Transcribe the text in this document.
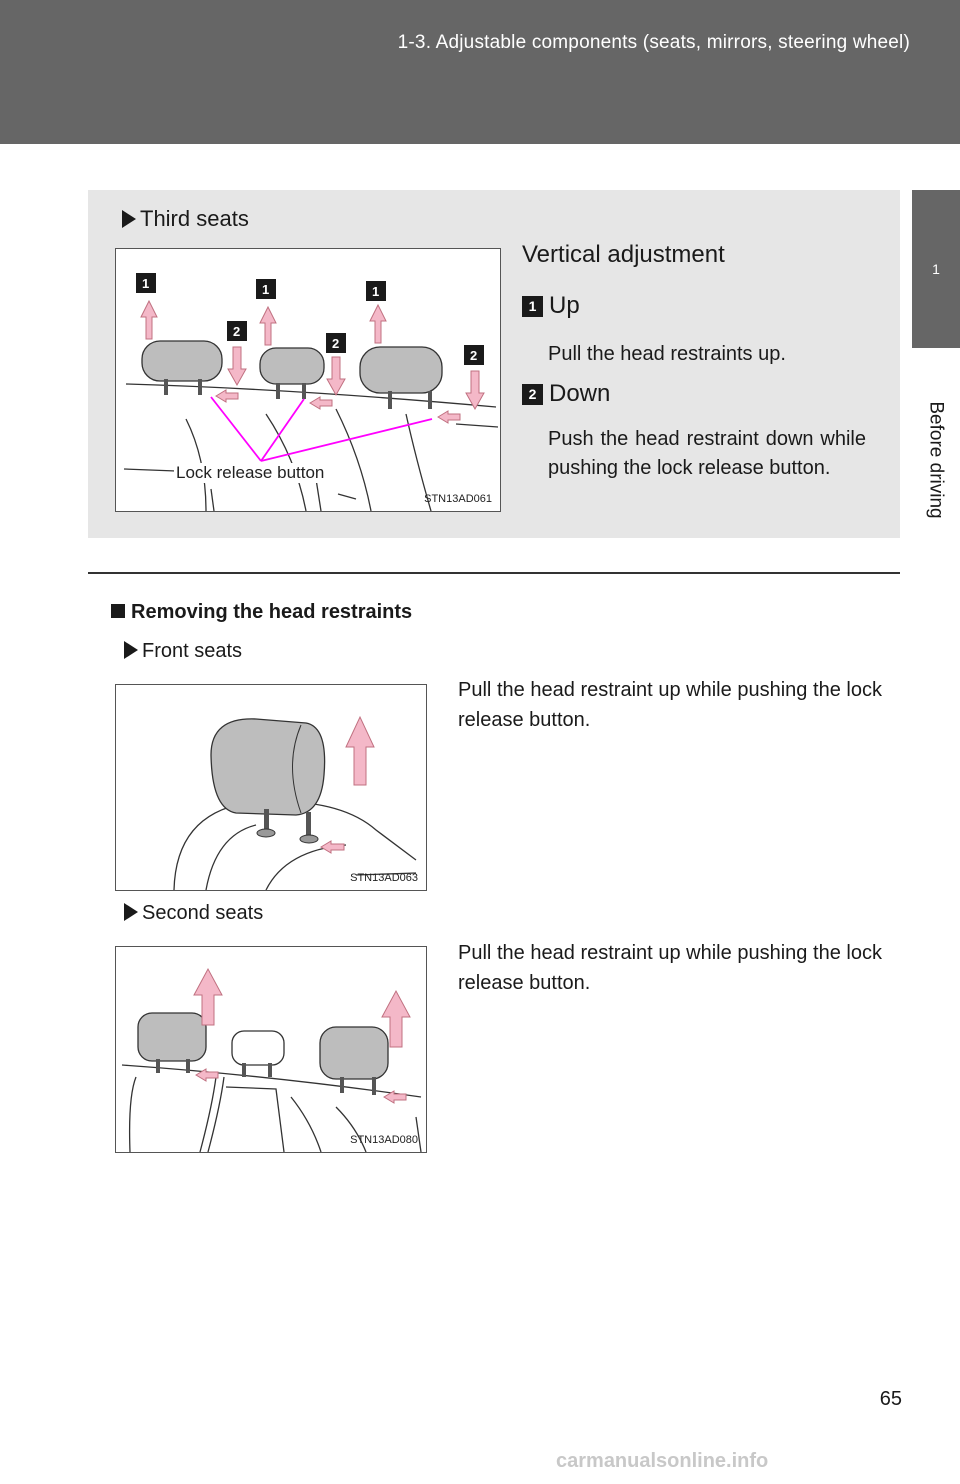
1-3. Adjustable components (seats, mirrors, steering wheel)
1
Before driving
Third seats
1	1	1
2
2
2
Lock release button
STN13AD061
Vertical adjustment
1 Up
Pull the head restraints up.
2 Down
Push the head restraint down while pushing the lock release button.
Removing the head restraints
Front seats
STN13AD063
Pull the head restraint up while pushing the lock release button.
Second seats
STN13AD080
Pull the head restraint up while pushing the lock release button.
65
carmanualsonline.info
